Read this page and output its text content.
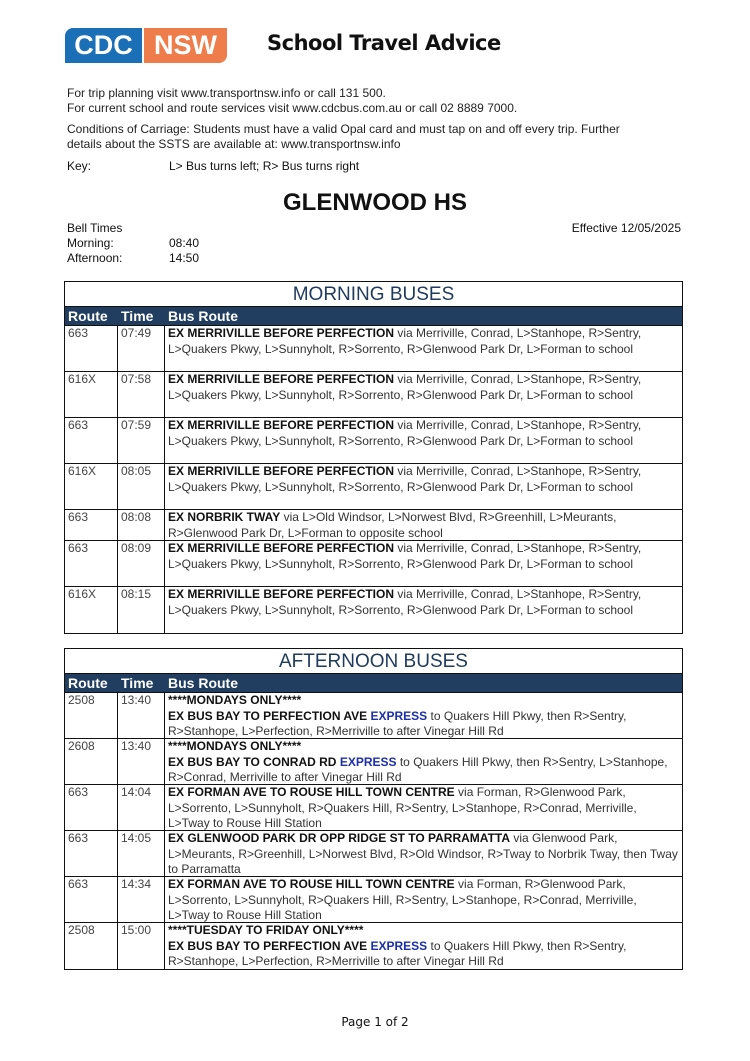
CDC NSW	School Travel Advice
For trip planning visit www.transportnsw.info or call 131 500.
For current school and route services visit www.cdcbus.com.au or call 02 8889 7000.
Conditions of Carriage: Students must have a valid Opal card and must tap on and off every trip. Further
details about the SSTS are available at: www.transportnsw.info
Key:	L> Bus turns left; R> Bus turns right
GLENWOOD HS
Bell Times
Morning:	08:40
Afternoon:	14:50
Effective 12/05/2025
MORNING BUSES
Route Time	Bus Route
663	07:49	EX MERRIVILLE BEFORE PERFECTION via Merriville, Conrad, L>Stanhope, R>Sentry, L>Quakers Pkwy, L>Sunnyholt, R>Sorrento, R>Glenwood Park Dr, L>Forman to school
616X	07:58	EX MERRIVILLE BEFORE PERFECTION via Merriville, Conrad, L>Stanhope, R>Sentry, L>Quakers Pkwy, L>Sunnyholt, R>Sorrento, R>Glenwood Park Dr, L>Forman to school
663	07:59	EX MERRIVILLE BEFORE PERFECTION via Merriville, Conrad, L>Stanhope, R>Sentry, L>Quakers Pkwy, L>Sunnyholt, R>Sorrento, R>Glenwood Park Dr, L>Forman to school
616X	08:05	EX MERRIVILLE BEFORE PERFECTION via Merriville, Conrad, L>Stanhope, R>Sentry, L>Quakers Pkwy, L>Sunnyholt, R>Sorrento, R>Glenwood Park Dr, L>Forman to school
663	08:08	EX NORBRIK TWAY via L>Old Windsor, L>Norwest Blvd, R>Greenhill, L>Meurants, R>Glenwood Park Dr, L>Forman to opposite school
663	08:09	EX MERRIVILLE BEFORE PERFECTION via Merriville, Conrad, L>Stanhope, R>Sentry, L>Quakers Pkwy, L>Sunnyholt, R>Sorrento, R>Glenwood Park Dr, L>Forman to school
616X	08:15	EX MERRIVILLE BEFORE PERFECTION via Merriville, Conrad, L>Stanhope, R>Sentry, L>Quakers Pkwy, L>Sunnyholt, R>Sorrento, R>Glenwood Park Dr, L>Forman to school
AFTERNOON BUSES
Route Time	Bus Route
2508	13:40	****MONDAYS ONLY****
EX BUS BAY TO PERFECTION AVE EXPRESS to Quakers Hill Pkwy, then R>Sentry, R>Stanhope, L>Perfection, R>Merriville to after Vinegar Hill Rd
2608	13:40	****MONDAYS ONLY****
EX BUS BAY TO CONRAD RD EXPRESS to Quakers Hill Pkwy, then R>Sentry, L>Stanhope, R>Conrad, Merriville to after Vinegar Hill Rd
663	14:04	EX FORMAN AVE TO ROUSE HILL TOWN CENTRE via Forman, R>Glenwood Park, L>Sorrento, L>Sunnyholt, R>Quakers Hill, R>Sentry, L>Stanhope, R>Conrad, Merriville, L>Tway to Rouse Hill Station
663	14:05	EX GLENWOOD PARK DR OPP RIDGE ST TO PARRAMATTA via Glenwood Park, L>Meurants, R>Greenhill, L>Norwest Blvd, R>Old Windsor, R>Tway to Norbrik Tway, then Tway to Parramatta
663	14:34	EX FORMAN AVE TO ROUSE HILL TOWN CENTRE via Forman, R>Glenwood Park, L>Sorrento, L>Sunnyholt, R>Quakers Hill, R>Sentry, L>Stanhope, R>Conrad, Merriville, L>Tway to Rouse Hill Station
2508	15:00	****TUESDAY TO FRIDAY ONLY****
EX BUS BAY TO PERFECTION AVE EXPRESS to Quakers Hill Pkwy, then R>Sentry, R>Stanhope, L>Perfection, R>Merriville to after Vinegar Hill Rd
Page 1 of 2
